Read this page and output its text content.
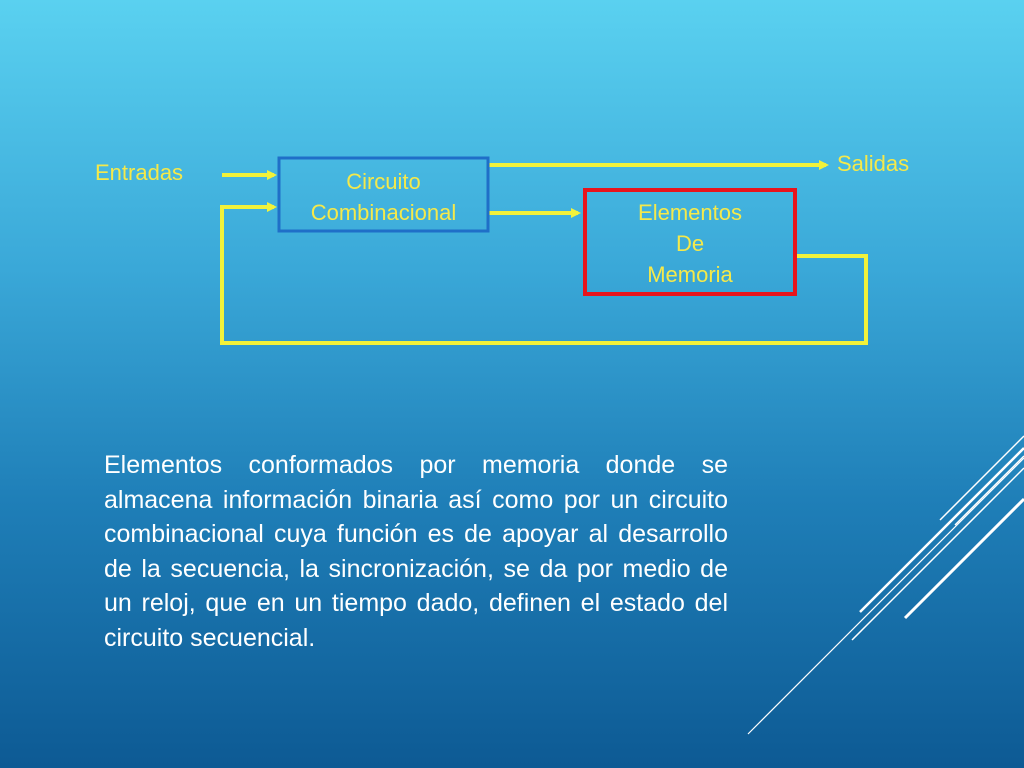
Entradas	Salidas
Circuito
Combinacional	Elementos
De
Memoria
Elementos conformados por memoria donde se almacena información binaria así como por un circuito combinacional cuya función es de apoyar al desarrollo de la secuencia, la sincronización, se da por medio de un reloj, que en un tiempo dado, definen el estado del circuito secuencial.
